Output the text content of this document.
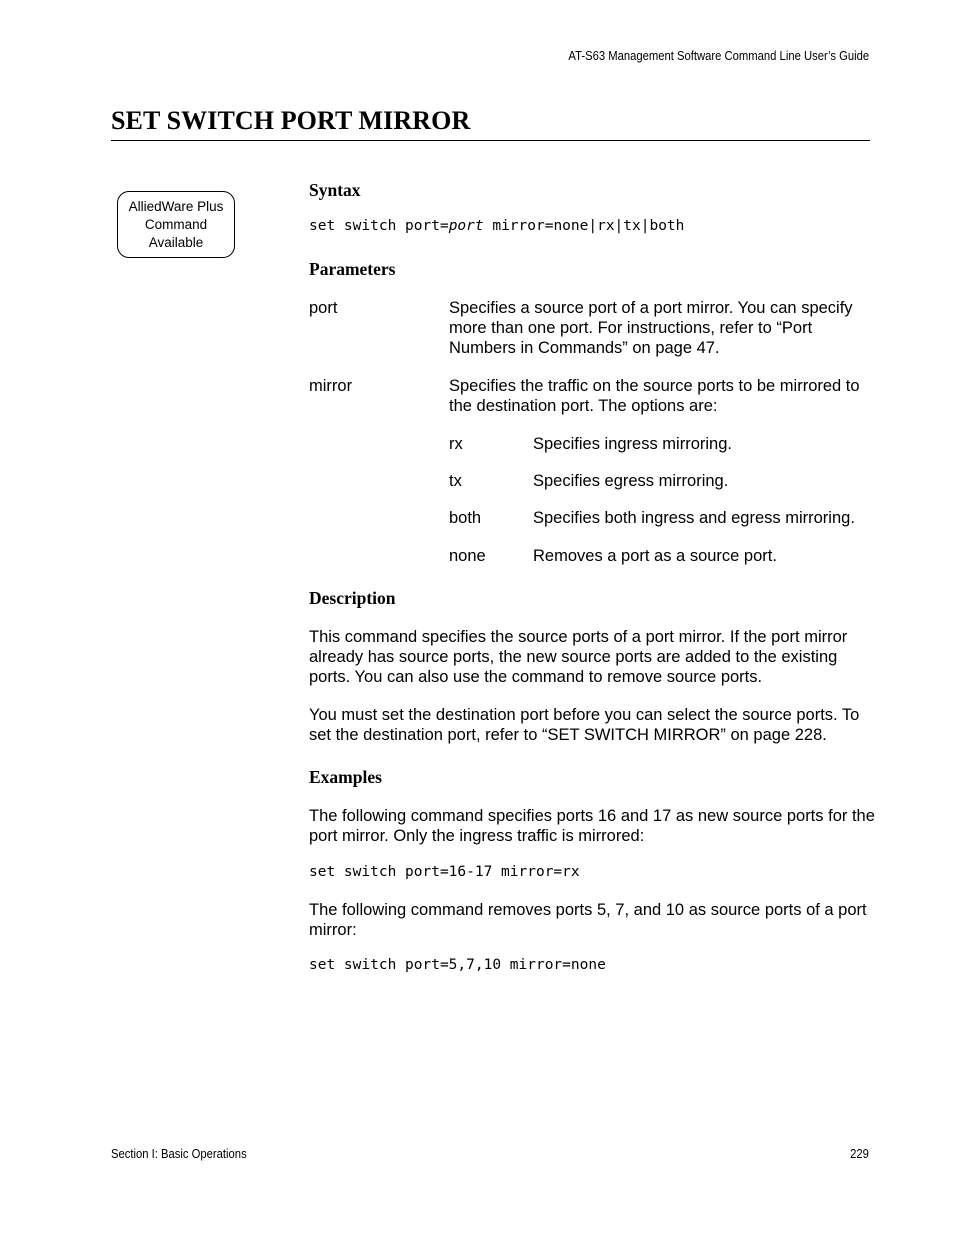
AT-S63 Management Software Command Line User’s Guide
SET SWITCH PORT MIRROR
AlliedWare Plus
Command
Available
Syntax
set switch port=port mirror=none|rx|tx|both
Parameters
port	Specifies a source port of a port mirror. You can specify more than one port. For instructions, refer to “Port Numbers in Commands” on page 47.
mirror	Specifies the traffic on the source ports to be mirrored to the destination port. The options are:
rx	Specifies ingress mirroring.
tx	Specifies egress mirroring.
both	Specifies both ingress and egress mirroring.
none	Removes a port as a source port.
Description
This command specifies the source ports of a port mirror. If the port mirror already has source ports, the new source ports are added to the existing ports. You can also use the command to remove source ports.
You must set the destination port before you can select the source ports. To set the destination port, refer to “SET SWITCH MIRROR” on page 228.
Examples
The following command specifies ports 16 and 17 as new source ports for the port mirror. Only the ingress traffic is mirrored:
set switch port=16-17 mirror=rx
The following command removes ports 5, 7, and 10 as source ports of a port mirror:
set switch port=5,7,10 mirror=none
Section I: Basic Operations	229
